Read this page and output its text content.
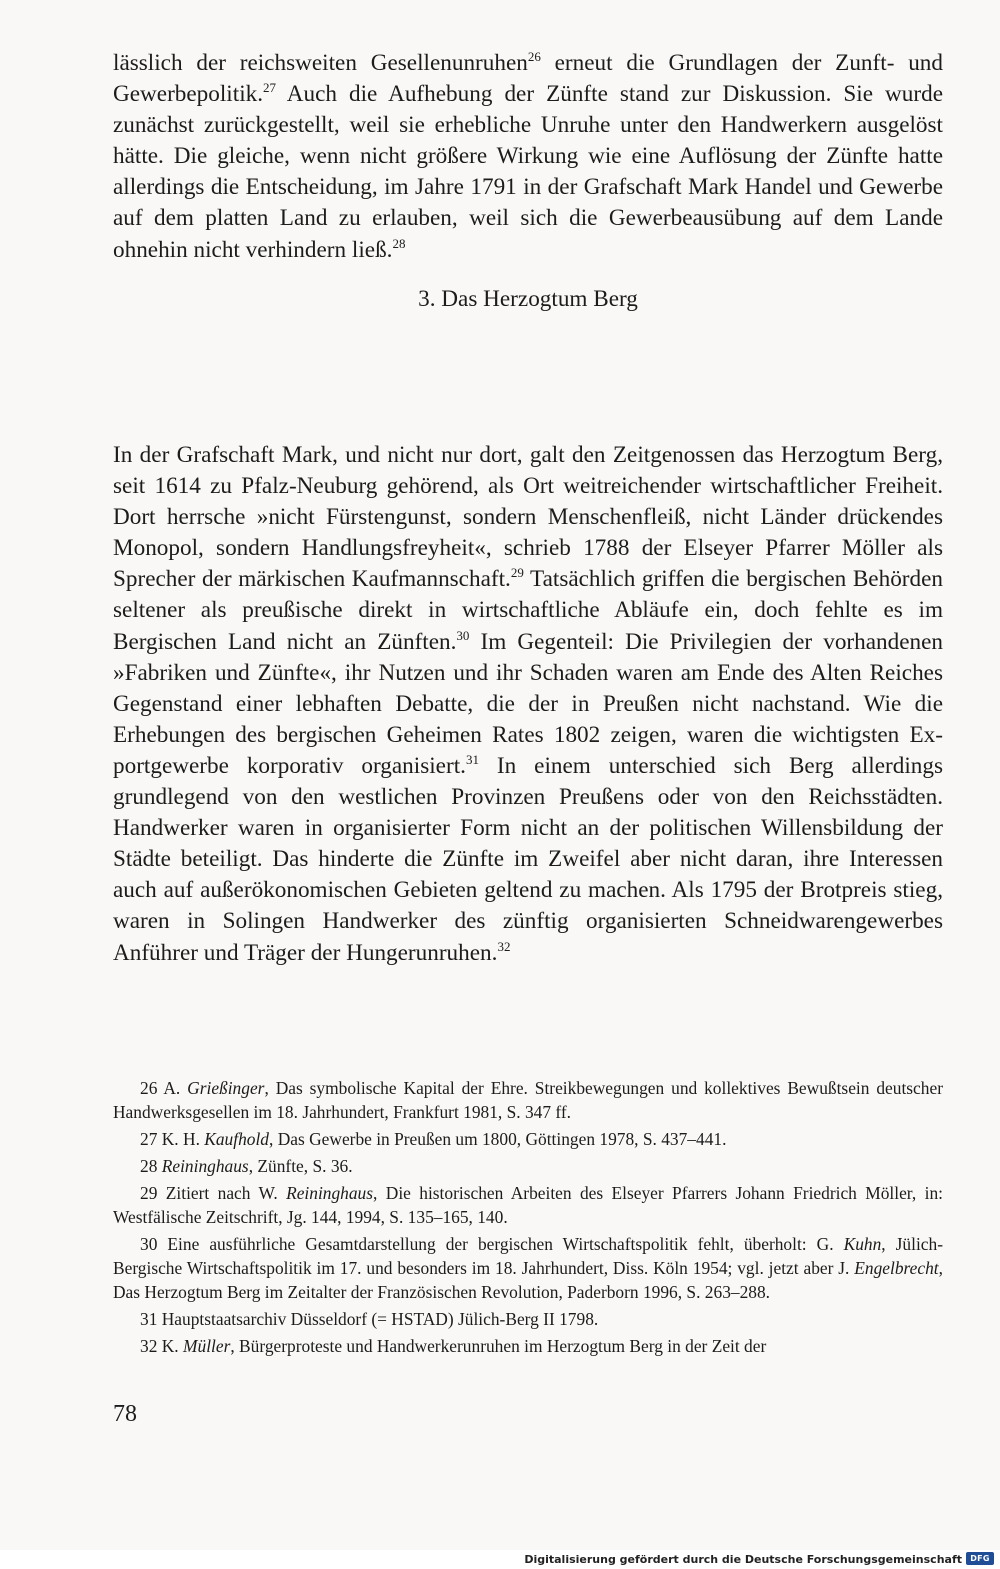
lässlich der reichsweiten Gesellenunruhen$^{26}$ erneut die Grundlagen der Zunft- und Gewerbepolitik.$^{27}$ Auch die Aufhebung der Zünfte stand zur Diskussion. Sie wurde zunächst zurückgestellt, weil sie erhebliche Unruhe unter den Handwerkern ausgelöst hätte. Die gleiche, wenn nicht größere Wirkung wie eine Auflösung der Zünfte hatte allerdings die Entscheidung, im Jahre 1791 in der Grafschaft Mark Handel und Gewerbe auf dem platten Land zu erlauben, weil sich die Gewerbeausübung auf dem Lande ohnehin nicht verhindern ließ.$^{28}$

3. Das Herzogtum Berg

In der Grafschaft Mark, und nicht nur dort, galt den Zeitgenossen das Herzogtum Berg, seit 1614 zu Pfalz-Neuburg gehörend, als Ort weitreichender wirtschaftlicher Freiheit. Dort herrsche »nicht Fürstengunst, sondern Menschenfleiß, nicht Länder drückendes Monopol, sondern Handlungsfreyheit«, schrieb 1788 der Elseyer Pfarrer Möller als Sprecher der märkischen Kaufmannschaft.$^{29}$ Tatsächlich griffen die bergischen Behörden seltener als preußische direkt in wirtschaftliche Abläufe ein, doch fehlte es im Bergischen Land nicht an Zünften.$^{30}$ Im Gegenteil: Die Privilegien der vorhandenen »Fabriken und Zünfte«, ihr Nutzen und ihr Schaden waren am Ende des Alten Reiches Gegenstand einer lebhaften Debatte, die der in Preußen nicht nachstand. Wie die Erhebungen des bergischen Geheimen Rates 1802 zeigen, waren die wichtigsten Exportgewerbe korporativ organisiert.$^{31}$ In einem unterschied sich Berg allerdings grundlegend von den westlichen Provinzen Preußens oder von den Reichsstädten. Handwerker waren in organisierter Form nicht an der politischen Willensbildung der Städte beteiligt. Das hinderte die Zünfte im Zweifel aber nicht daran, ihre Interessen auch auf außerökonomischen Gebieten geltend zu machen. Als 1795 der Brotpreis stieg, waren in Solingen Handwerker des zünftig organisierten Schneidwarengewerbes Anführer und Träger der Hungerunruhen.$^{32}$

26 A. Grießinger, Das symbolische Kapital der Ehre. Streikbewegungen und kollektives Bewußtsein deutscher Handwerksgesellen im 18. Jahrhundert, Frankfurt 1981, S. 347 ff.

27 K. H. Kaufhold, Das Gewerbe in Preußen um 1800, Göttingen 1978, S. 437–441.

28 Reininghaus, Zünfte, S. 36.

29 Zitiert nach W. Reininghaus, Die historischen Arbeiten des Elseyer Pfarrers Johann Friedrich Möller, in: Westfälische Zeitschrift, Jg. 144, 1994, S. 135–165, 140.

30 Eine ausführliche Gesamtdarstellung der bergischen Wirtschaftspolitik fehlt, überholt: G. Kuhn, Jülich-Bergische Wirtschaftspolitik im 17. und besonders im 18. Jahrhundert, Diss. Köln 1954; vgl. jetzt aber J. Engelbrecht, Das Herzogtum Berg im Zeitalter der Französischen Revolution, Paderborn 1996, S. 263–288.

31 Hauptstaatsarchiv Düsseldorf (= HSTAD) Jülich-Berg II 1798.

32 K. Müller, Bürgerproteste und Handwerkerunruhen im Herzogtum Berg in der Zeit der

78
Digitalisierung gefördert durch die Deutsche Forschungsgemeinschaft	DFG
